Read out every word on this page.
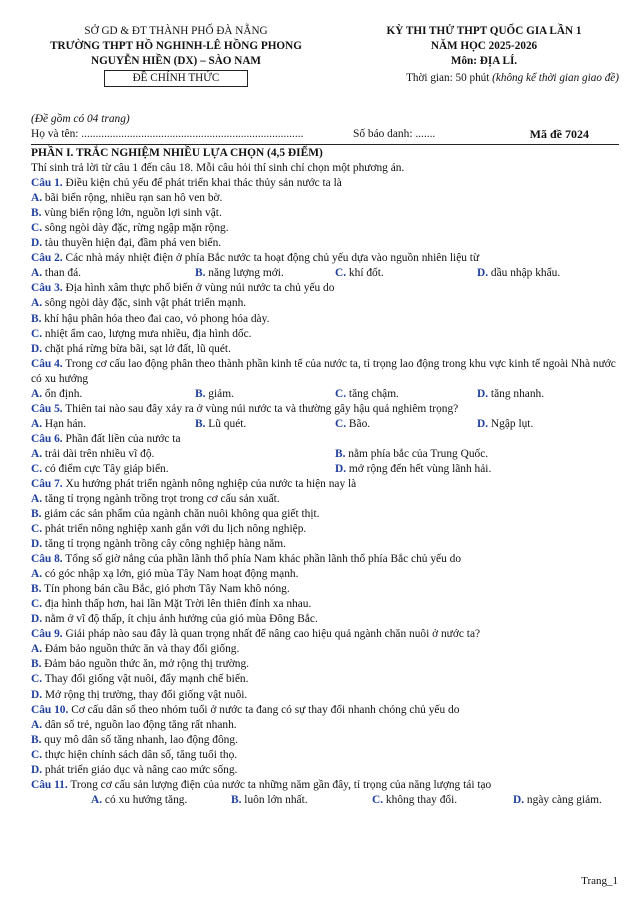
SỞ GD & ĐT THÀNH PHỐ ĐÀ NẴNG
TRƯỜNG THPT HỒ NGHINH-LÊ HỒNG PHONG
NGUYỄN HIỀN (DX) – SÀO NAM
ĐỀ CHÍNH THỨC
KỲ THI THỬ THPT QUỐC GIA LẦN 1
NĂM HỌC 2025-2026
Môn: ĐỊA LÍ.
Thời gian: 50 phút (không kể thời gian giao đề)
(Đề gồm có 04 trang)
Họ và tên: ..............................................................................	Số báo danh: .......	Mã đề 7024
PHẦN I. TRẮC NGHIỆM NHIỀU LỰA CHỌN (4,5 ĐIỂM)
Thí sinh trả lời từ câu 1 đến câu 18. Mỗi câu hỏi thí sinh chỉ chọn một phương án.
Câu 1. Điều kiện chủ yếu để phát triển khai thác thủy sản nước ta là
A. bãi biển rộng, nhiều rạn san hô ven bờ.
B. vùng biển rộng lớn, nguồn lợi sinh vật.
C. sông ngòi dày đặc, rừng ngập mặn rộng.
D. tàu thuyền hiện đại, đầm phá ven biển.
Câu 2. Các nhà máy nhiệt điện ở phía Bắc nước ta hoạt động chủ yếu dựa vào nguồn nhiên liệu từ
A. than đá.	B. năng lượng mới.	C. khí đốt.	D. dầu nhập khẩu.
Câu 3. Địa hình xâm thực phổ biến ở vùng núi nước ta chủ yếu do
A. sông ngòi dày đặc, sinh vật phát triển mạnh.
B. khí hậu phân hóa theo đai cao, vỏ phong hóa dày.
C. nhiệt ẩm cao, lượng mưa nhiều, địa hình dốc.
D. chặt phá rừng bừa bãi, sạt lở đất, lũ quét.
Câu 4. Trong cơ cấu lao động phân theo thành phần kinh tế của nước ta, tỉ trọng lao động trong khu vực kinh tế ngoài Nhà nước có xu hướng
A. ổn định.	B. giảm.	C. tăng chậm.	D. tăng nhanh.
Câu 5. Thiên tai nào sau đây xảy ra ở vùng núi nước ta và thường gây hậu quả nghiêm trọng?
A. Hạn hán.	B. Lũ quét.	C. Bão.	D. Ngập lụt.
Câu 6. Phần đất liền của nước ta
A. trải dài trên nhiều vĩ độ.	B. nằm phía bắc của Trung Quốc.
C. có điểm cực Tây giáp biển.	D. mở rộng đến hết vùng lãnh hải.
Câu 7. Xu hướng phát triển ngành nông nghiệp của nước ta hiện nay là
A. tăng tỉ trọng ngành trồng trọt trong cơ cấu sản xuất.
B. giảm các sản phẩm của ngành chăn nuôi không qua giết thịt.
C. phát triển nông nghiệp xanh gắn với du lịch nông nghiệp.
D. tăng tỉ trọng ngành trồng cây công nghiệp hàng năm.
Câu 8. Tổng số giờ nắng của phần lãnh thổ phía Nam khác phần lãnh thổ phía Bắc chủ yếu do
A. có góc nhập xạ lớn, gió mùa Tây Nam hoạt động mạnh.
B. Tín phong bán cầu Bắc, gió phơn Tây Nam khô nóng.
C. địa hình thấp hơn, hai lần Mặt Trời lên thiên đỉnh xa nhau.
D. nằm ở vĩ độ thấp, ít chịu ảnh hưởng của gió mùa Đông Bắc.
Câu 9. Giải pháp nào sau đây là quan trọng nhất để nâng cao hiệu quả ngành chăn nuôi ở nước ta?
A. Đảm bảo nguồn thức ăn và thay đổi giống.
B. Đảm bảo nguồn thức ăn, mở rộng thị trường.
C. Thay đổi giống vật nuôi, đẩy mạnh chế biến.
D. Mở rộng thị trường, thay đổi giống vật nuôi.
Câu 10. Cơ cấu dân số theo nhóm tuổi ở nước ta đang có sự thay đổi nhanh chóng chủ yếu do
A. dân số trẻ, nguồn lao động tăng rất nhanh.
B. quy mô dân số tăng nhanh, lao động đông.
C. thực hiện chính sách dân số, tăng tuổi thọ.
D. phát triển giáo dục và nâng cao mức sống.
Câu 11. Trong cơ cấu sản lượng điện của nước ta những năm gần đây, tỉ trọng của năng lượng tái tạo
A. có xu hướng tăng.	B. luôn lớn nhất.	C. không thay đổi.	D. ngày càng giảm.
Trang_1
